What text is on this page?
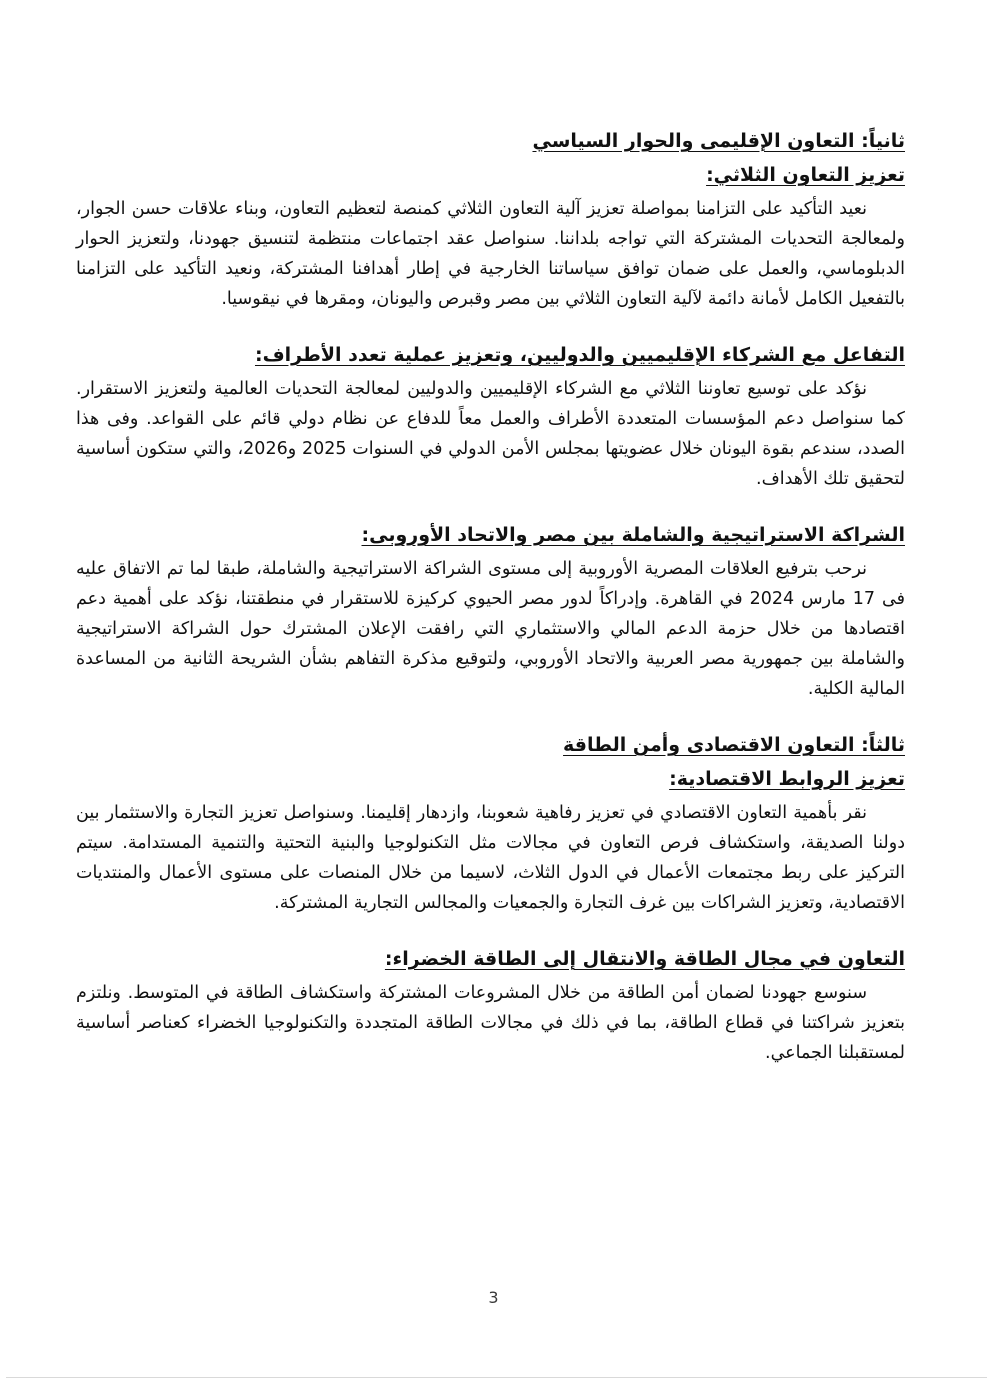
ثانياً: التعاون الإقليمى والحوار السياسي
تعزيز التعاون الثلاثي:

نعيد التأكيد على التزامنا بمواصلة تعزيز آلية التعاون الثلاثي كمنصة لتعظيم التعاون، وبناء علاقات حسن الجوار، ولمعالجة التحديات المشتركة التي تواجه بلداننا. سنواصل عقد اجتماعات منتظمة لتنسيق جهودنا، ولتعزيز الحوار الدبلوماسي، والعمل على ضمان توافق سياساتنا الخارجية في إطار أهدافنا المشتركة، ونعيد التأكيد على التزامنا بالتفعيل الكامل لأمانة دائمة لآلية التعاون الثلاثي بين مصر وقبرص واليونان، ومقرها في نيقوسيا.

التفاعل مع الشركاء الإقليميين والدوليين، وتعزيز عملية تعدد الأطراف:

نؤكد على توسيع تعاوننا الثلاثي مع الشركاء الإقليميين والدوليين لمعالجة التحديات العالمية ولتعزيز الاستقرار. كما سنواصل دعم المؤسسات المتعددة الأطراف والعمل معاً للدفاع عن نظام دولي قائم على القواعد. وفى هذا الصدد، سندعم بقوة اليونان خلال عضويتها بمجلس الأمن الدولي في السنوات 2025 و2026، والتي ستكون أساسية لتحقيق تلك الأهداف.

الشراكة الاستراتيجية والشاملة بين مصر والاتحاد الأوروبى:

نرحب بترفيع العلاقات المصرية الأوروبية إلى مستوى الشراكة الاستراتيجية والشاملة، طبقا لما تم الاتفاق عليه فى 17 مارس 2024 في القاهرة. وإدراكاً لدور مصر الحيوي كركيزة للاستقرار في منطقتنا، نؤكد على أهمية دعم اقتصادها من خلال حزمة الدعم المالي والاستثماري التي رافقت الإعلان المشترك حول الشراكة الاستراتيجية والشاملة بين جمهورية مصر العربية والاتحاد الأوروبي، ولتوقيع مذكرة التفاهم بشأن الشريحة الثانية من المساعدة المالية الكلية.

ثالثاً: التعاون الاقتصادى وأمن الطاقة
تعزيز الروابط الاقتصادية:

نقر بأهمية التعاون الاقتصادي في تعزيز رفاهية شعوبنا، وازدهار إقليمنا. وسنواصل تعزيز التجارة والاستثمار بين دولنا الصديقة، واستكشاف فرص التعاون في مجالات مثل التكنولوجيا والبنية التحتية والتنمية المستدامة. سيتم التركيز على ربط مجتمعات الأعمال في الدول الثلاث، لاسيما من خلال المنصات على مستوى الأعمال والمنتديات الاقتصادية، وتعزيز الشراكات بين غرف التجارة والجمعيات والمجالس التجارية المشتركة.

التعاون في مجال الطاقة والانتقال إلى الطاقة الخضراء:

سنوسع جهودنا لضمان أمن الطاقة من خلال المشروعات المشتركة واستكشاف الطاقة في المتوسط. ونلتزم بتعزيز شراكتنا في قطاع الطاقة، بما في ذلك في مجالات الطاقة المتجددة والتكنولوجيا الخضراء كعناصر أساسية لمستقبلنا الجماعي.

3
